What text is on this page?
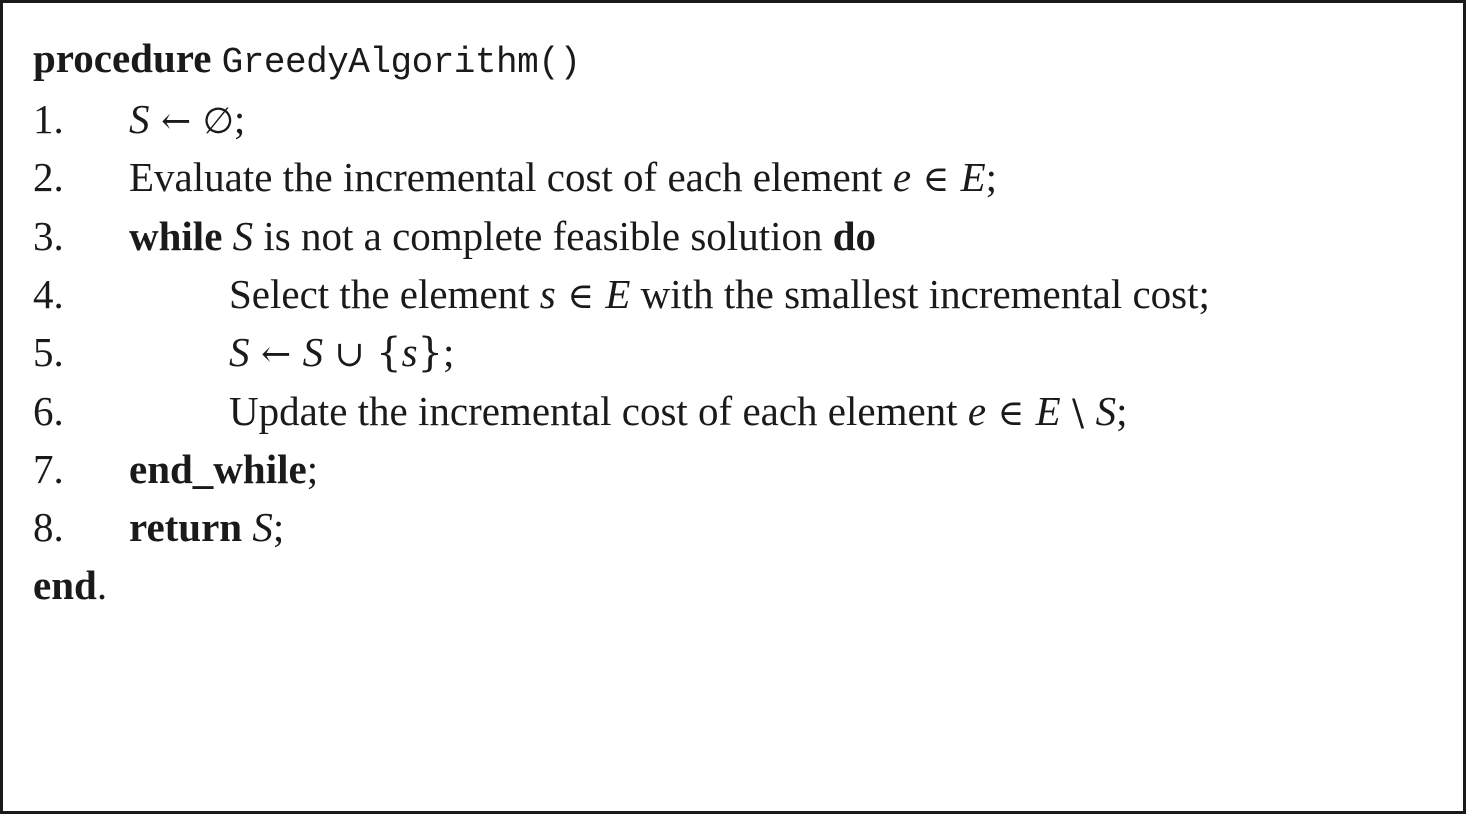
procedure GreedyAlgorithm()
1.	S ← ∅;
2.	Evaluate the incremental cost of each element e ∈ E;
3.	while S is not a complete feasible solution do
4.	Select the element s ∈ E with the smallest incremental cost;
5.	S ← S ∪ {s};
6.	Update the incremental cost of each element e ∈ E \ S;
7.	end_while;
8.	return S;
end.
